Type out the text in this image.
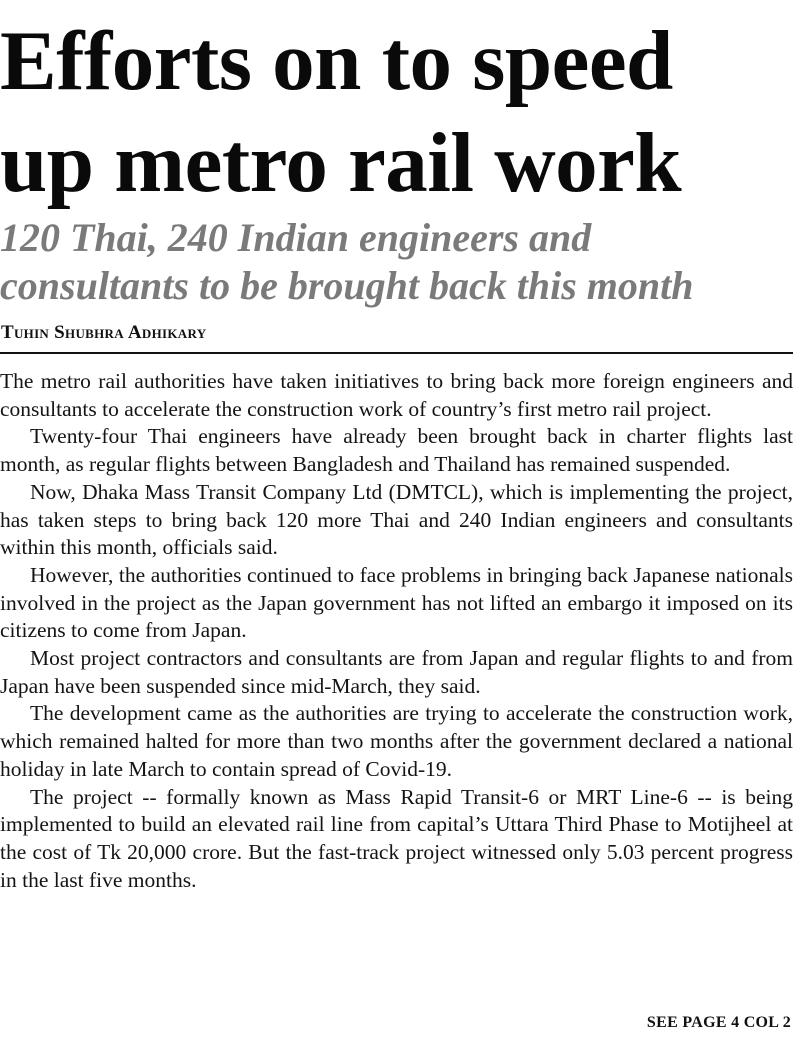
Efforts on to speed
up metro rail work
120 Thai, 240 Indian engineers and
consultants to be brought back this month
Tuhin Shubhra Adhikary

The metro rail authorities have taken initiatives to bring back more foreign engineers and consultants to accelerate the construction work of country’s first metro rail project.

Twenty-four Thai engineers have already been brought back in charter flights last month, as regular flights between Bangladesh and Thailand has remained suspended.

Now, Dhaka Mass Transit Company Ltd (DMTCL), which is implementing the project, has taken steps to bring back 120 more Thai and 240 Indian engineers and consultants within this month, officials said.

However, the authorities continued to face problems in bringing back Japanese nationals involved in the project as the Japan government has not lifted an embargo it imposed on its citizens to come from Japan.

Most project contractors and consultants are from Japan and regular flights to and from Japan have been suspended since mid-March, they said.

The development came as the authorities are trying to accelerate the construction work, which remained halted for more than two months after the government declared a national holiday in late March to contain spread of Covid-19.

The project -- formally known as Mass Rapid Transit-6 or MRT Line-6 -- is being implemented to build an elevated rail line from capital’s Uttara Third Phase to Motijheel at the cost of Tk 20,000 crore. But the fast-track project witnessed only 5.03 percent progress in the last five months.

SEE PAGE 4 COL 2
